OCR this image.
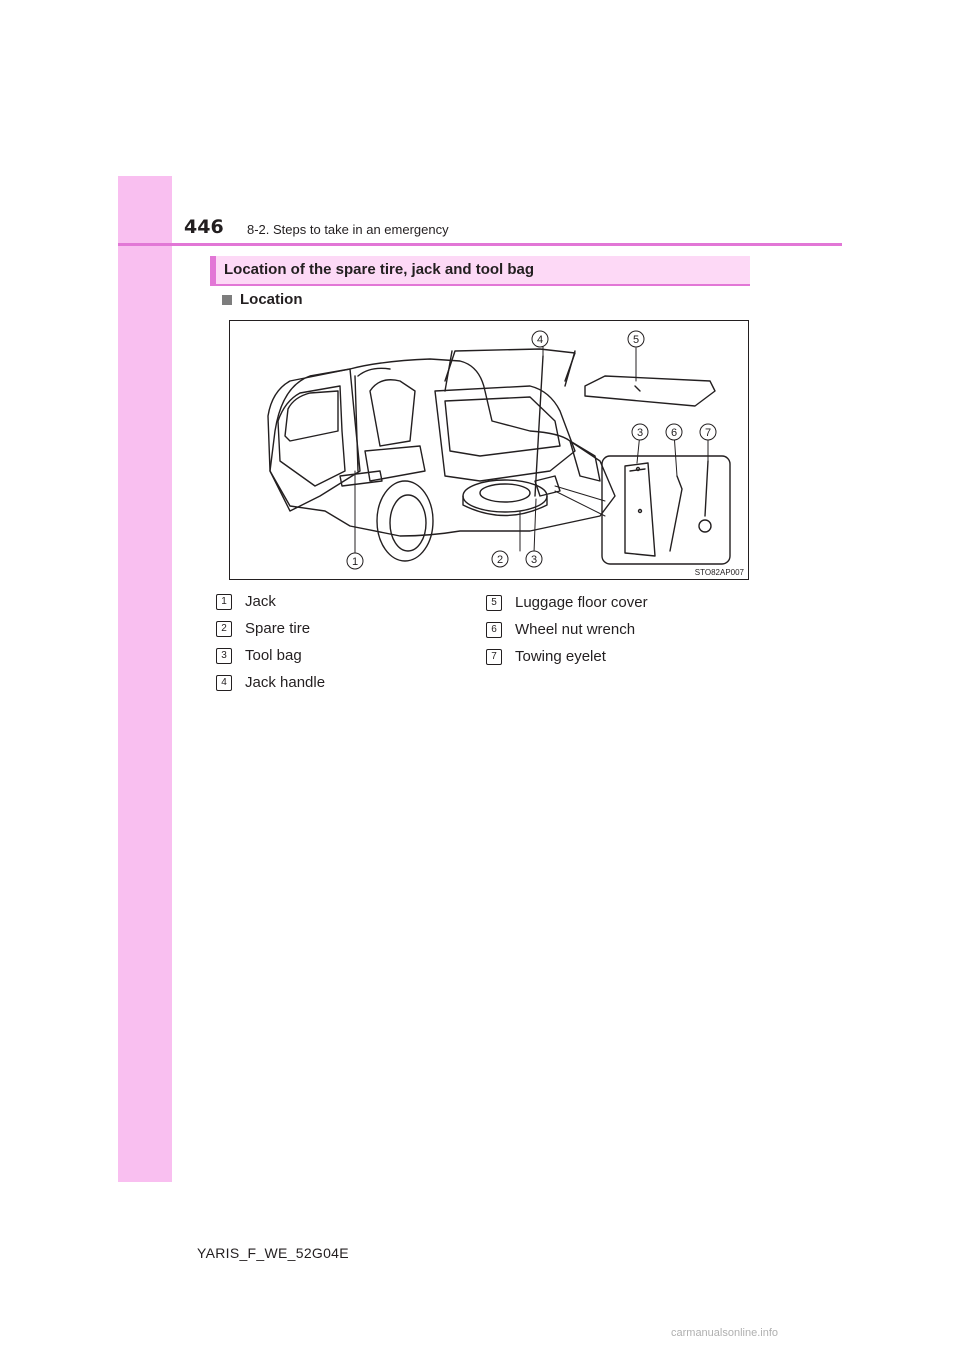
446 8-2. Steps to take in an emergency
Location of the spare tire, jack and tool bag
Location
1	2	3
4	5
3	6	7
STO82AP007
1	Jack
2	Spare tire
3	Tool bag
4	Jack handle
5	Luggage floor cover
6	Wheel nut wrench
7	Towing eyelet
YARIS_F_WE_52G04E
carmanualsonline.info
